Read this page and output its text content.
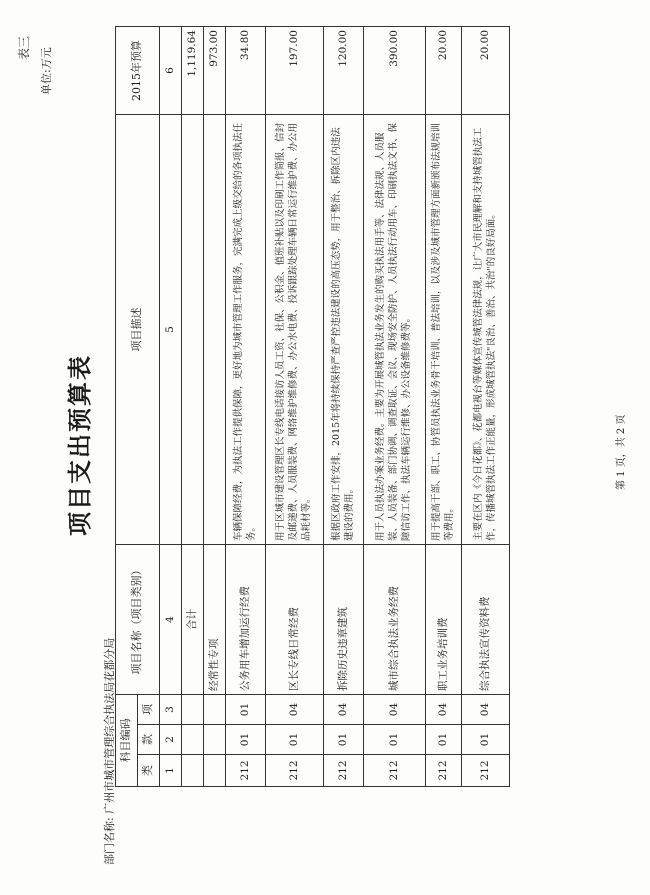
表三
项目支出预算表
单位:万元
部门名称: 广州市城市管理综合执法局花都分局 科目编码			项目名称（项目类别）	项目描述	2015年预算
类	款	项			
1	2	3	4	5	6
			合计		1,119.64
			经常性专项		973.00
212	01	01	公务用车增加运行经费	车辆保障经费，为执法工作提供保障，更好地为城市管理工作服务，完满完成上级交给的各项执法任务。	34.80
212	01	04	区长专线日常经费	用于区城市建设管理区长专线电话接访人员工资、社保、公积金、值班补贴以及印刷工作简报、信封及邮递费、人员服装费、网络维护维修费、办公水电费、投诉跟踪处理车辆日常运行维护费、办公用品耗材等。	197.00
212	01	04	拆除历史违章建筑	根据区政府工作安排，2015年将持续保持严查严控违法建设的高压态势，用于整治、拆除区内违法建设的费用。	120.00
212	01	04	城市综合执法业务经费	用于人员执法办案业务经费。主要为开展城管执法业务发生的购买执法用手等、法律法规、人员服装、人员装备、部门协调、调查取证、会议、现场安全防护、人员执法行动用车、印刷执法文书、保障信访工作、执法车辆运行维修、办公设备维修费等。	390.00
212	01	04	职工业务培训费	用于提高干部、职工、协管员执法业务骨干培训、普法培训，以及涉及城市管理方面新颁布法规培训等费用。	20.00
212	01	04	综合执法宣传资料费	主要在区内《今日花都》、花都电视台等媒体宣传城管法律法规，让广大市民理解和支持城管执法工作，传播城管执法工作正能量，形成城管执法"良治、善治、共治"的良好局面。	20.00
第 1 页，共 2 页
